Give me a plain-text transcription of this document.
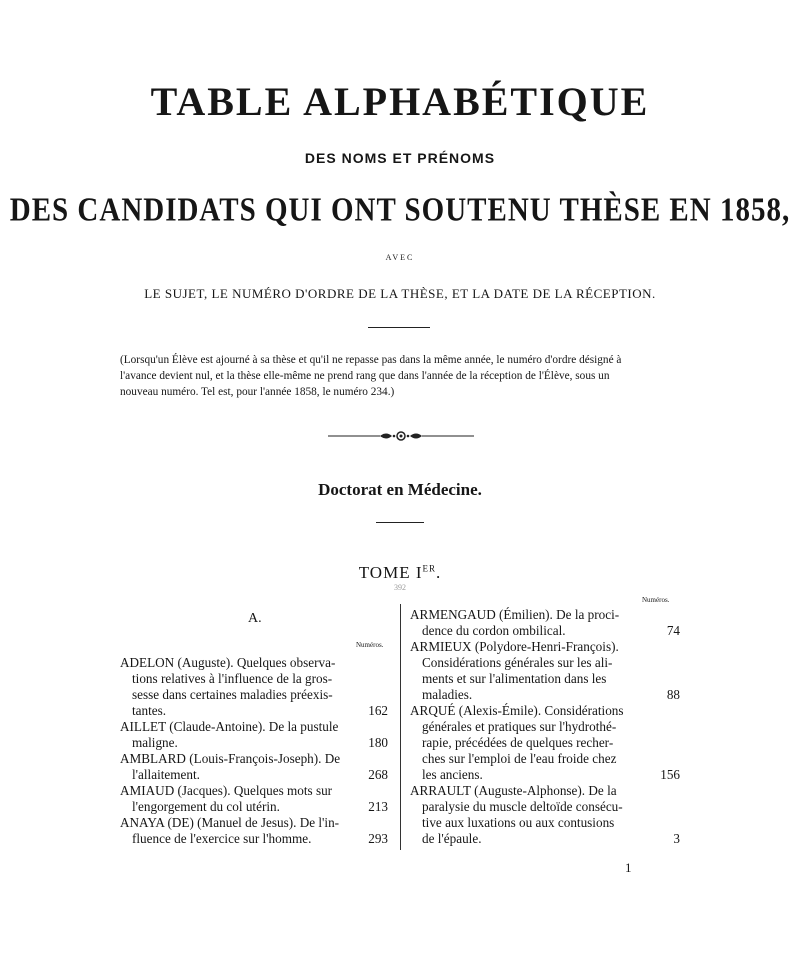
TABLE ALPHABÉTIQUE
DES NOMS ET PRÉNOMS
DES CANDIDATS QUI ONT SOUTENU THÈSE EN 1858,
AVEC
LE SUJET, LE NUMÉRO D'ORDRE DE LA THÈSE, ET LA DATE DE LA RÉCEPTION.
(Lorsqu'un Élève est ajourné à sa thèse et qu'il ne repasse pas dans la même année, le numéro d'ordre désigné à
l'avance devient nul, et la thèse elle-même ne prend rang que dans l'année de la réception de l'Élève, sous un
nouveau numéro. Tel est, pour l'année 1858, le numéro 234.)
Doctorat en Médecine.
TOME IER.
392
A.
Numéros.
Numéros.
ADELON (Auguste). Quelques observa-
tions relatives à l'influence de la gros-
sesse dans certaines maladies préexis-
tantes.	162
AILLET (Claude-Antoine). De la pustule
maligne.	180
AMBLARD (Louis-François-Joseph). De
l'allaitement.	268
AMIAUD (Jacques). Quelques mots sur
l'engorgement du col utérin.	213
ANAYA (DE) (Manuel de Jesus). De l'in-
fluence de l'exercice sur l'homme.	293
ARMENGAUD (Émilien). De la proci-
dence du cordon ombilical.	74
ARMIEUX (Polydore-Henri-François).
Considérations générales sur les ali-
ments et sur l'alimentation dans les
maladies.	88
ARQUÉ (Alexis-Émile). Considérations
générales et pratiques sur l'hydrothé-
rapie, précédées de quelques recher-
ches sur l'emploi de l'eau froide chez
les anciens.	156
ARRAULT (Auguste-Alphonse). De la
paralysie du muscle deltoïde consécu-
tive aux luxations ou aux contusions
de l'épaule.	3
1
